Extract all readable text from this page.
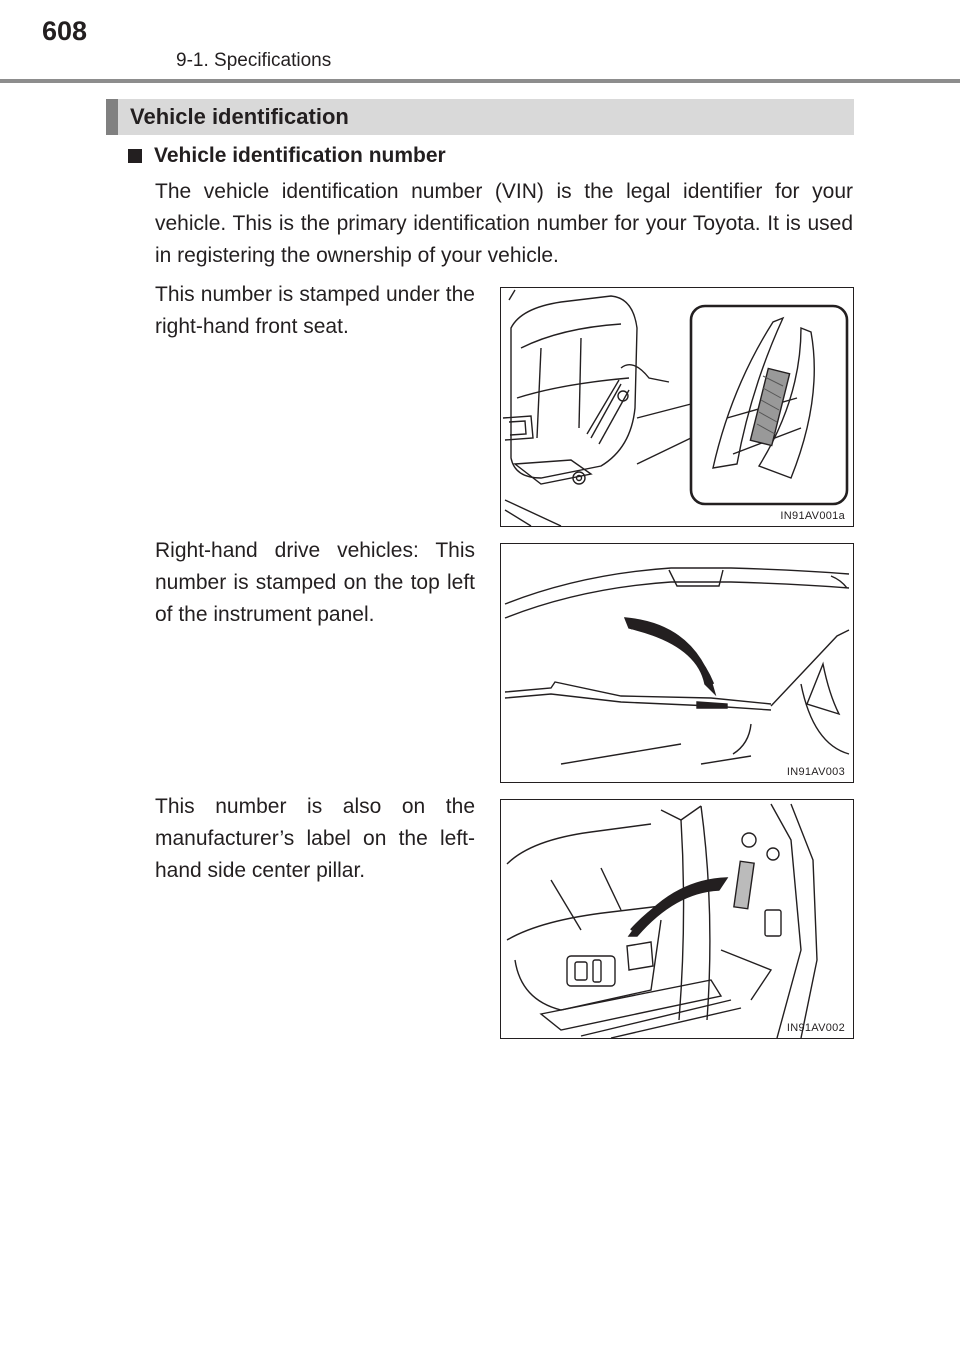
608
9-1. Specifications
Vehicle identification
Vehicle identification number

The vehicle identification number (VIN) is the legal identifier for your vehicle. This is the primary identification number for your Toyota. It is used in registering the ownership of your vehicle.

This number is stamped under the right-hand front seat.

Right-hand drive vehicles: This number is stamped on the top left of the instrument panel.

This number is also on the manufacturer’s label on the left-hand side center pillar.

IN91AV001a
IN91AV003
IN91AV002
